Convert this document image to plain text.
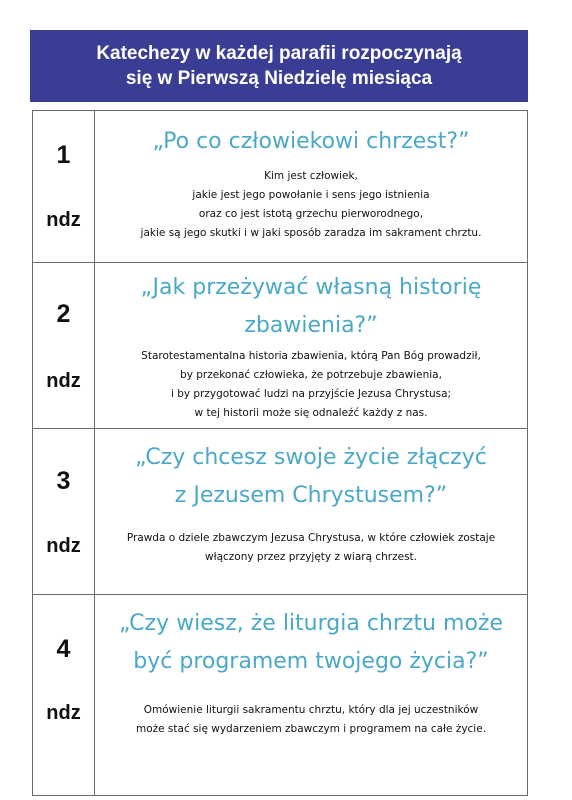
Katechezy w każdej parafii rozpoczynają
się w Pierwszą Niedzielę miesiąca
1
ndz
„Po co człowiekowi chrzest?”
Kim jest człowiek,
jakie jest jego powołanie i sens jego istnienia
oraz co jest istotą grzechu pierworodnego,
jakie są jego skutki i w jaki sposób zaradza im sakrament chrztu.
2
ndz
„Jak przeżywać własną historię
zbawienia?”
Starotestamentalna historia zbawienia, którą Pan Bóg prowadził,
by przekonać człowieka, że potrzebuje zbawienia,
i by przygotować ludzi na przyjście Jezusa Chrystusa;
w tej historii może się odnaleźć każdy z nas.
3
ndz
„Czy chcesz swoje życie złączyć
z Jezusem Chrystusem?”
Prawda o dziele zbawczym Jezusa Chrystusa, w które człowiek zostaje
włączony przez przyjęty z wiarą chrzest.
4
ndz
„Czy wiesz, że liturgia chrztu może
być programem twojego życia?”
Omówienie liturgii sakramentu chrztu, który dla jej uczestników
może stać się wydarzeniem zbawczym i programem na całe życie.
